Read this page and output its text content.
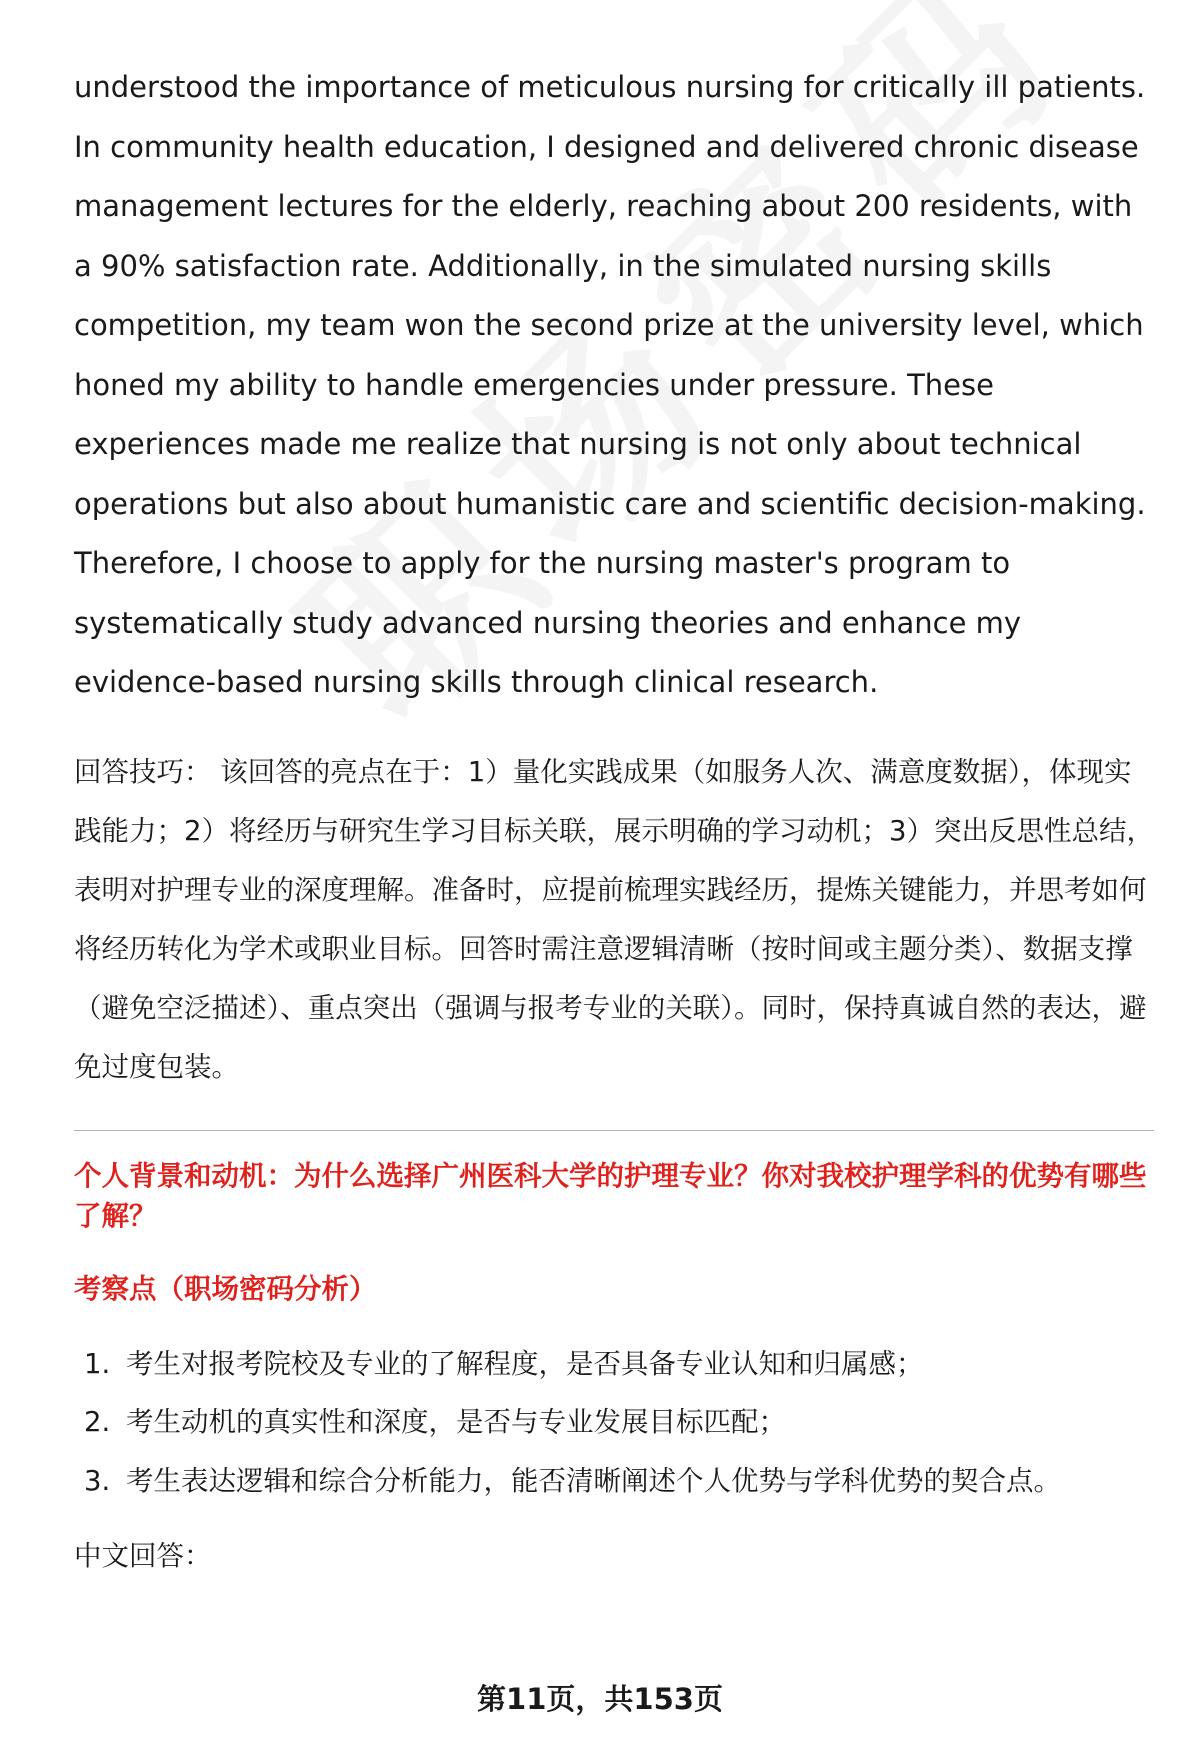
understood the importance of meticulous nursing for critically ill patients. In community health education, I designed and delivered chronic disease management lectures for the elderly, reaching about 200 residents, with a 90% satisfaction rate. Additionally, in the simulated nursing skills competition, my team won the second prize at the university level, which honed my ability to handle emergencies under pressure. These experiences made me realize that nursing is not only about technical operations but also about humanistic care and scientific decision-making. Therefore, I choose to apply for the nursing master's program to systematically study advanced nursing theories and enhance my evidence-based nursing skills through clinical research.

回答技巧： 该回答的亮点在于：1）量化实践成果（如服务人次、满意度数据），体现实践能力；2）将经历与研究生学习目标关联，展示明确的学习动机；3）突出反思性总结，表明对护理专业的深度理解。准备时，应提前梳理实践经历，提炼关键能力，并思考如何将经历转化为学术或职业目标。回答时需注意逻辑清晰（按时间或主题分类）、数据支撑（避免空泛描述）、重点突出（强调与报考专业的关联）。同时，保持真诚自然的表达，避免过度包装。

个人背景和动机：为什么选择广州医科大学的护理专业？你对我校护理学科的优势有哪些了解？

考察点（职场密码分析）

1. 考生对报考院校及专业的了解程度，是否具备专业认知和归属感；
2. 考生动机的真实性和深度，是否与专业发展目标匹配；
3. 考生表达逻辑和综合分析能力，能否清晰阐述个人优势与学科优势的契合点。

中文回答：

第11页，共153页
